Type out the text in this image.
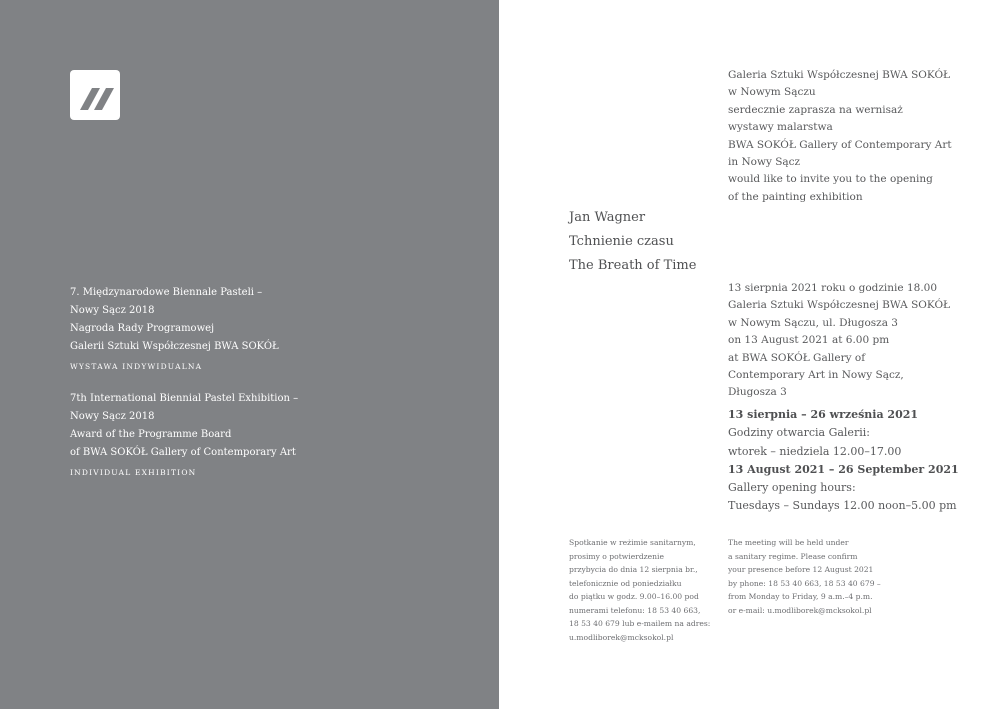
7. Międzynarodowe Biennale Pasteli –
Nowy Sącz 2018
Nagroda Rady Programowej
Galerii Sztuki Współczesnej BWA SOKÓŁ
WYSTAWA INDYWIDUALNA
7th International Biennial Pastel Exhibition –
Nowy Sącz 2018
Award of the Programme Board
of BWA SOKÓŁ Gallery of Contemporary Art
INDIVIDUAL EXHIBITION
Galeria Sztuki Współczesnej BWA SOKÓŁ
w Nowym Sączu
serdecznie zaprasza na wernisaż
wystawy malarstwa
BWA SOKÓŁ Gallery of Contemporary Art
in Nowy Sącz
would like to invite you to the opening
of the painting exhibition
Jan Wagner
Tchnienie czasu
The Breath of Time
13 sierpnia 2021 roku o godzinie 18.00
Galeria Sztuki Współczesnej BWA SOKÓŁ
w Nowym Sączu, ul. Długosza 3
on 13 August 2021 at 6.00 pm
at BWA SOKÓŁ Gallery of
Contemporary Art in Nowy Sącz,
Długosza 3
13 sierpnia – 26 września 2021
Godziny otwarcia Galerii:
wtorek – niedziela 12.00–17.00
13 August 2021 – 26 September 2021
Gallery opening hours:
Tuesdays – Sundays 12.00 noon–5.00 pm
Spotkanie w reżimie sanitarnym,
prosimy o potwierdzenie
przybycia do dnia 12 sierpnia br.,
telefonicznie od poniedziałku
do piątku w godz. 9.00–16.00 pod
numerami telefonu: 18 53 40 663,
18 53 40 679 lub e-mailem na adres:
u.modliborek@mcksokol.pl
The meeting will be held under
a sanitary regime. Please confirm
your presence before 12 August 2021
by phone: 18 53 40 663, 18 53 40 679 –
from Monday to Friday, 9 a.m.–4 p.m.
or e-mail: u.modliborek@mcksokol.pl
